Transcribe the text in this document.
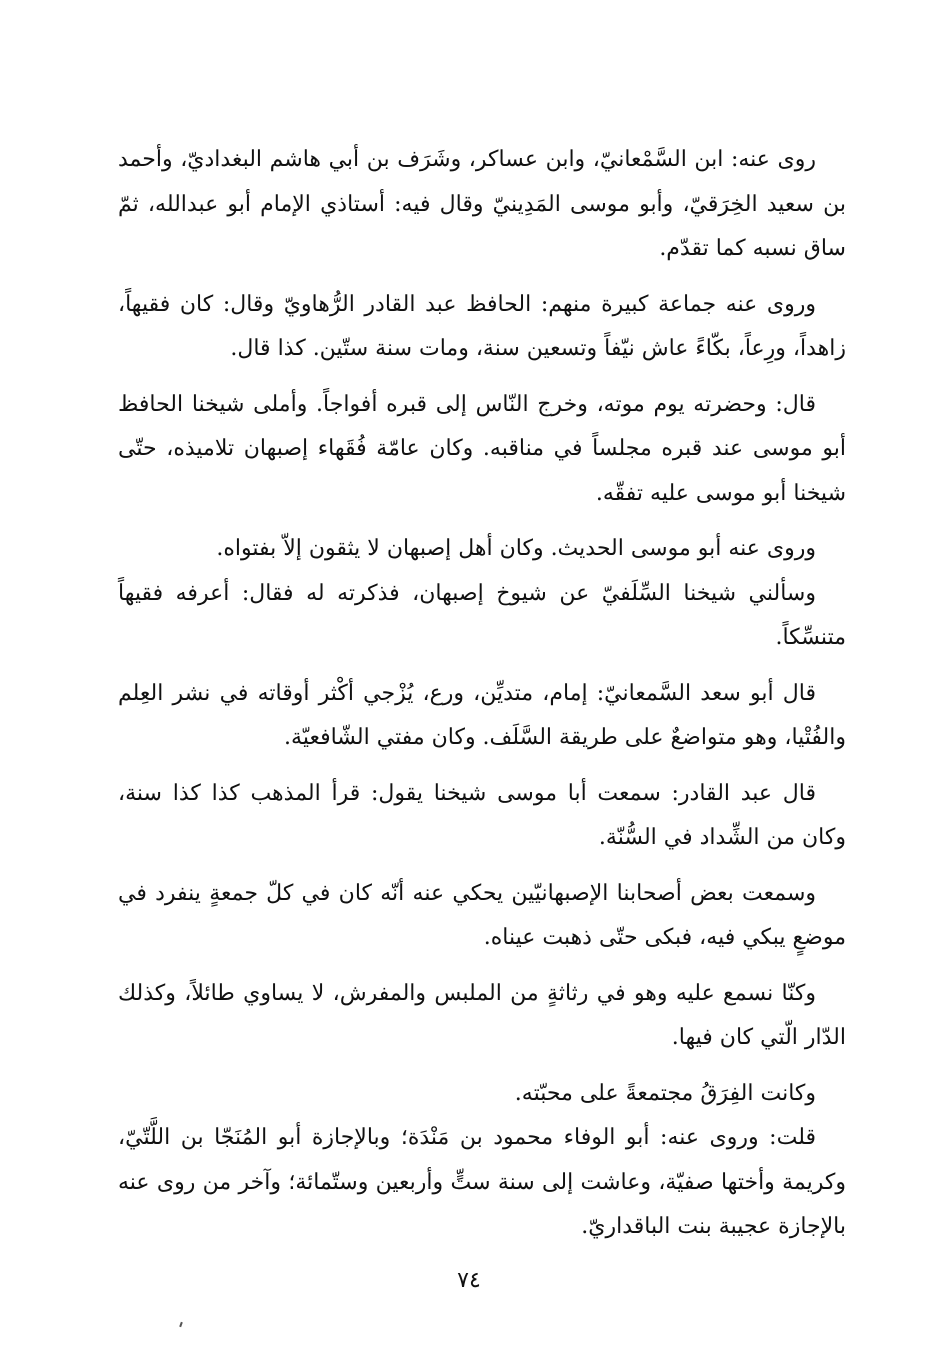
روى عنه: ابن السَّمْعانيّ، وابن عساكر، وشَرَف بن أبي هاشم البغداديّ، وأحمد بن سعيد الخِرَقيّ، وأبو موسى المَدِينيّ وقال فيه: أستاذي الإمام أبو عبدالله، ثمّ ساق نسبه كما تقدّم.

وروى عنه جماعة كبيرة منهم: الحافظ عبد القادر الرُّهاويّ وقال: كان فقيهاً، زاهداً، ورِعاً، بكّاءً عاش نيّفاً وتسعين سنة، ومات سنة ستّين. كذا قال.

قال: وحضرته يوم موته، وخرج النّاس إلى قبره أفواجاً. وأملى شيخنا الحافظ أبو موسى عند قبره مجلساً في مناقبه. وكان عامّة فُقَهاء إصبهان تلاميذه، حتّى شيخنا أبو موسى عليه تفقّه.

وروى عنه أبو موسى الحديث. وكان أهل إصبهان لا يثقون إلاّ بفتواه.

وسألني شيخنا السِّلَفيّ عن شيوخ إصبهان، فذكرته له فقال: أعرفه فقيهاً متنسِّكاً.

قال أبو سعد السَّمعانيّ: إمام، متديِّن، ورع، يُزْجي أكْثر أوقاته في نشر العِلم والفُتْيا، وهو متواضعٌ على طريقة السَّلَف. وكان مفتي الشّافعيّة.

قال عبد القادر: سمعت أبا موسى شيخنا يقول: قرأ المذهب كذا كذا سنة، وكان من الشِّداد في السُّنّة.

وسمعت بعض أصحابنا الإصبهانيّين يحكي عنه أنّه كان في كلّ جمعةٍ ينفرد في موضعٍ يبكي فيه، فبكى حتّى ذهبت عيناه.

وكنّا نسمع عليه وهو في رثاثةٍ من الملبس والمفرش، لا يساوي طائلاً، وكذلك الدّار الّتي كان فيها.

وكانت الفِرَقُ مجتمعةً على محبّته.

قلت: وروى عنه: أبو الوفاء محمود بن مَنْدَة؛ وبالإجازة أبو المُنَجّا بن اللَّتّيّ، وكريمة وأختها صفيّة، وعاشت إلى سنة ستٍّ وأربعين وستّمائة؛ وآخر من روى عنه بالإجازة عجيبة بنت الباقداريّ.

٧٤
